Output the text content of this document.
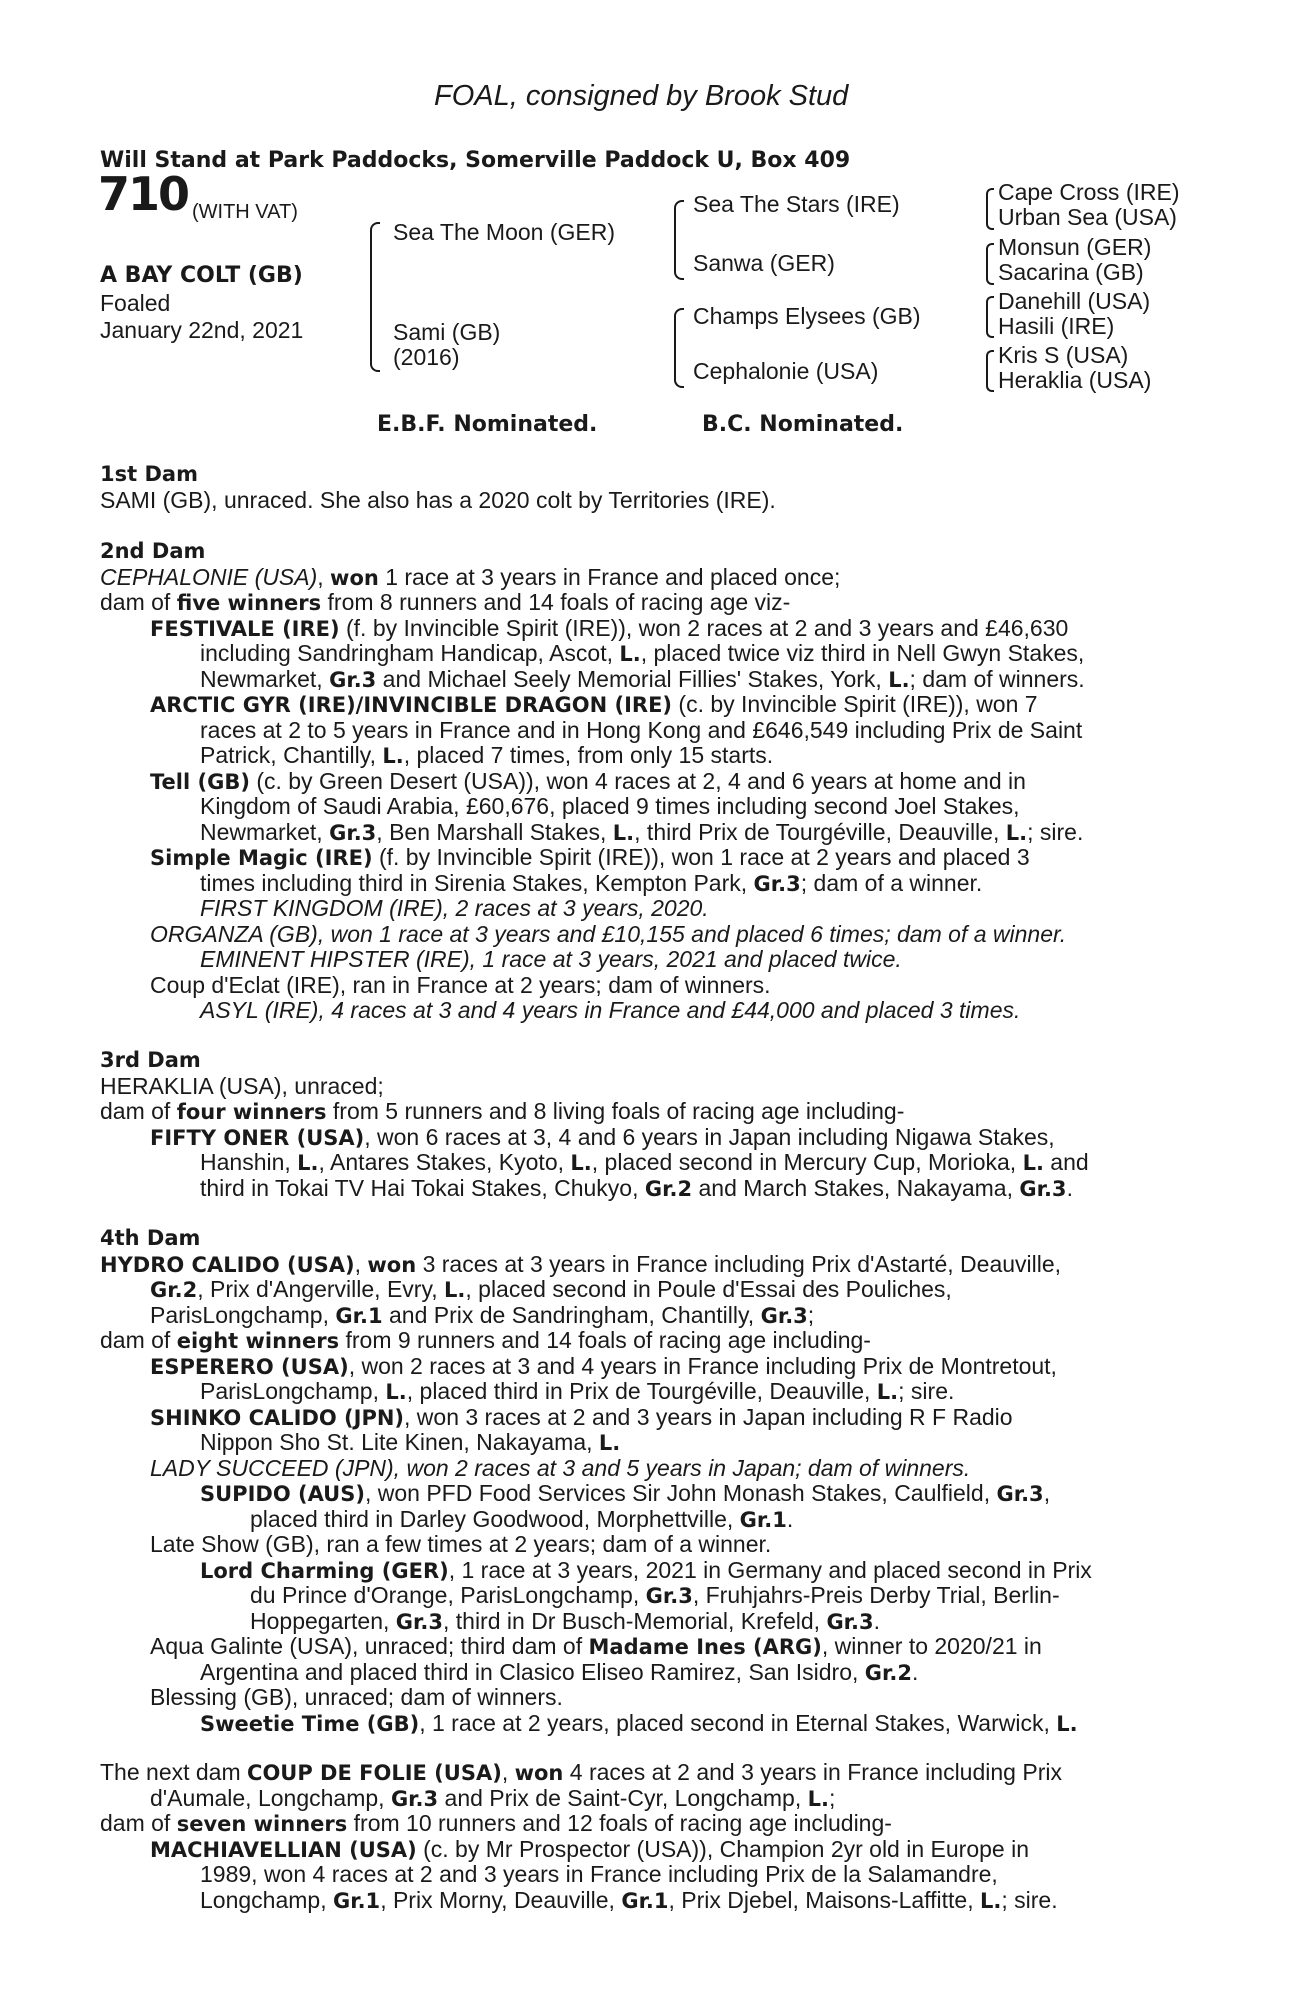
FOAL, consigned by Brook Stud
Will Stand at Park Paddocks, Somerville Paddock U, Box 409
710 (WITH VAT)
A BAY COLT (GB)
Foaled
January 22nd, 2021
Sea The Moon (GER)
Sami (GB)
(2016)
Sea The Stars (IRE)
Sanwa (GER)
Champs Elysees (GB)
Cephalonie (USA)
Cape Cross (IRE)
Urban Sea (USA)
Monsun (GER)
Sacarina (GB)
Danehill (USA)
Hasili (IRE)
Kris S (USA)
Heraklia (USA)
E.B.F. Nominated.	B.C. Nominated.
1st Dam
SAMI (GB), unraced. She also has a 2020 colt by Territories (IRE).
2nd Dam
CEPHALONIE (USA), won 1 race at 3 years in France and placed once;
dam of five winners from 8 runners and 14 foals of racing age viz-
FESTIVALE (IRE) (f. by Invincible Spirit (IRE)), won 2 races at 2 and 3 years and £46,630
including Sandringham Handicap, Ascot, L., placed twice viz third in Nell Gwyn Stakes,
Newmarket, Gr.3 and Michael Seely Memorial Fillies' Stakes, York, L.; dam of winners.
ARCTIC GYR (IRE)/INVINCIBLE DRAGON (IRE) (c. by Invincible Spirit (IRE)), won 7
races at 2 to 5 years in France and in Hong Kong and £646,549 including Prix de Saint
Patrick, Chantilly, L., placed 7 times, from only 15 starts.
Tell (GB) (c. by Green Desert (USA)), won 4 races at 2, 4 and 6 years at home and in
Kingdom of Saudi Arabia, £60,676, placed 9 times including second Joel Stakes,
Newmarket, Gr.3, Ben Marshall Stakes, L., third Prix de Tourgéville, Deauville, L.; sire.
Simple Magic (IRE) (f. by Invincible Spirit (IRE)), won 1 race at 2 years and placed 3
times including third in Sirenia Stakes, Kempton Park, Gr.3; dam of a winner.
FIRST KINGDOM (IRE), 2 races at 3 years, 2020.
ORGANZA (GB), won 1 race at 3 years and £10,155 and placed 6 times; dam of a winner.
EMINENT HIPSTER (IRE), 1 race at 3 years, 2021 and placed twice.
Coup d'Eclat (IRE), ran in France at 2 years; dam of winners.
ASYL (IRE), 4 races at 3 and 4 years in France and £44,000 and placed 3 times.
3rd Dam
HERAKLIA (USA), unraced;
dam of four winners from 5 runners and 8 living foals of racing age including-
FIFTY ONER (USA), won 6 races at 3, 4 and 6 years in Japan including Nigawa Stakes,
Hanshin, L., Antares Stakes, Kyoto, L., placed second in Mercury Cup, Morioka, L. and
third in Tokai TV Hai Tokai Stakes, Chukyo, Gr.2 and March Stakes, Nakayama, Gr.3.
4th Dam
HYDRO CALIDO (USA), won 3 races at 3 years in France including Prix d'Astarté, Deauville,
Gr.2, Prix d'Angerville, Evry, L., placed second in Poule d'Essai des Pouliches,
ParisLongchamp, Gr.1 and Prix de Sandringham, Chantilly, Gr.3;
dam of eight winners from 9 runners and 14 foals of racing age including-
ESPERERO (USA), won 2 races at 3 and 4 years in France including Prix de Montretout,
ParisLongchamp, L., placed third in Prix de Tourgéville, Deauville, L.; sire.
SHINKO CALIDO (JPN), won 3 races at 2 and 3 years in Japan including R F Radio
Nippon Sho St. Lite Kinen, Nakayama, L.
LADY SUCCEED (JPN), won 2 races at 3 and 5 years in Japan; dam of winners.
SUPIDO (AUS), won PFD Food Services Sir John Monash Stakes, Caulfield, Gr.3,
placed third in Darley Goodwood, Morphettville, Gr.1.
Late Show (GB), ran a few times at 2 years; dam of a winner.
Lord Charming (GER), 1 race at 3 years, 2021 in Germany and placed second in Prix
du Prince d'Orange, ParisLongchamp, Gr.3, Fruhjahrs-Preis Derby Trial, Berlin-
Hoppegarten, Gr.3, third in Dr Busch-Memorial, Krefeld, Gr.3.
Aqua Galinte (USA), unraced; third dam of Madame Ines (ARG), winner to 2020/21 in
Argentina and placed third in Clasico Eliseo Ramirez, San Isidro, Gr.2.
Blessing (GB), unraced; dam of winners.
Sweetie Time (GB), 1 race at 2 years, placed second in Eternal Stakes, Warwick, L.
The next dam COUP DE FOLIE (USA), won 4 races at 2 and 3 years in France including Prix
d'Aumale, Longchamp, Gr.3 and Prix de Saint-Cyr, Longchamp, L.;
dam of seven winners from 10 runners and 12 foals of racing age including-
MACHIAVELLIAN (USA) (c. by Mr Prospector (USA)), Champion 2yr old in Europe in
1989, won 4 races at 2 and 3 years in France including Prix de la Salamandre,
Longchamp, Gr.1, Prix Morny, Deauville, Gr.1, Prix Djebel, Maisons-Laffitte, L.; sire.
